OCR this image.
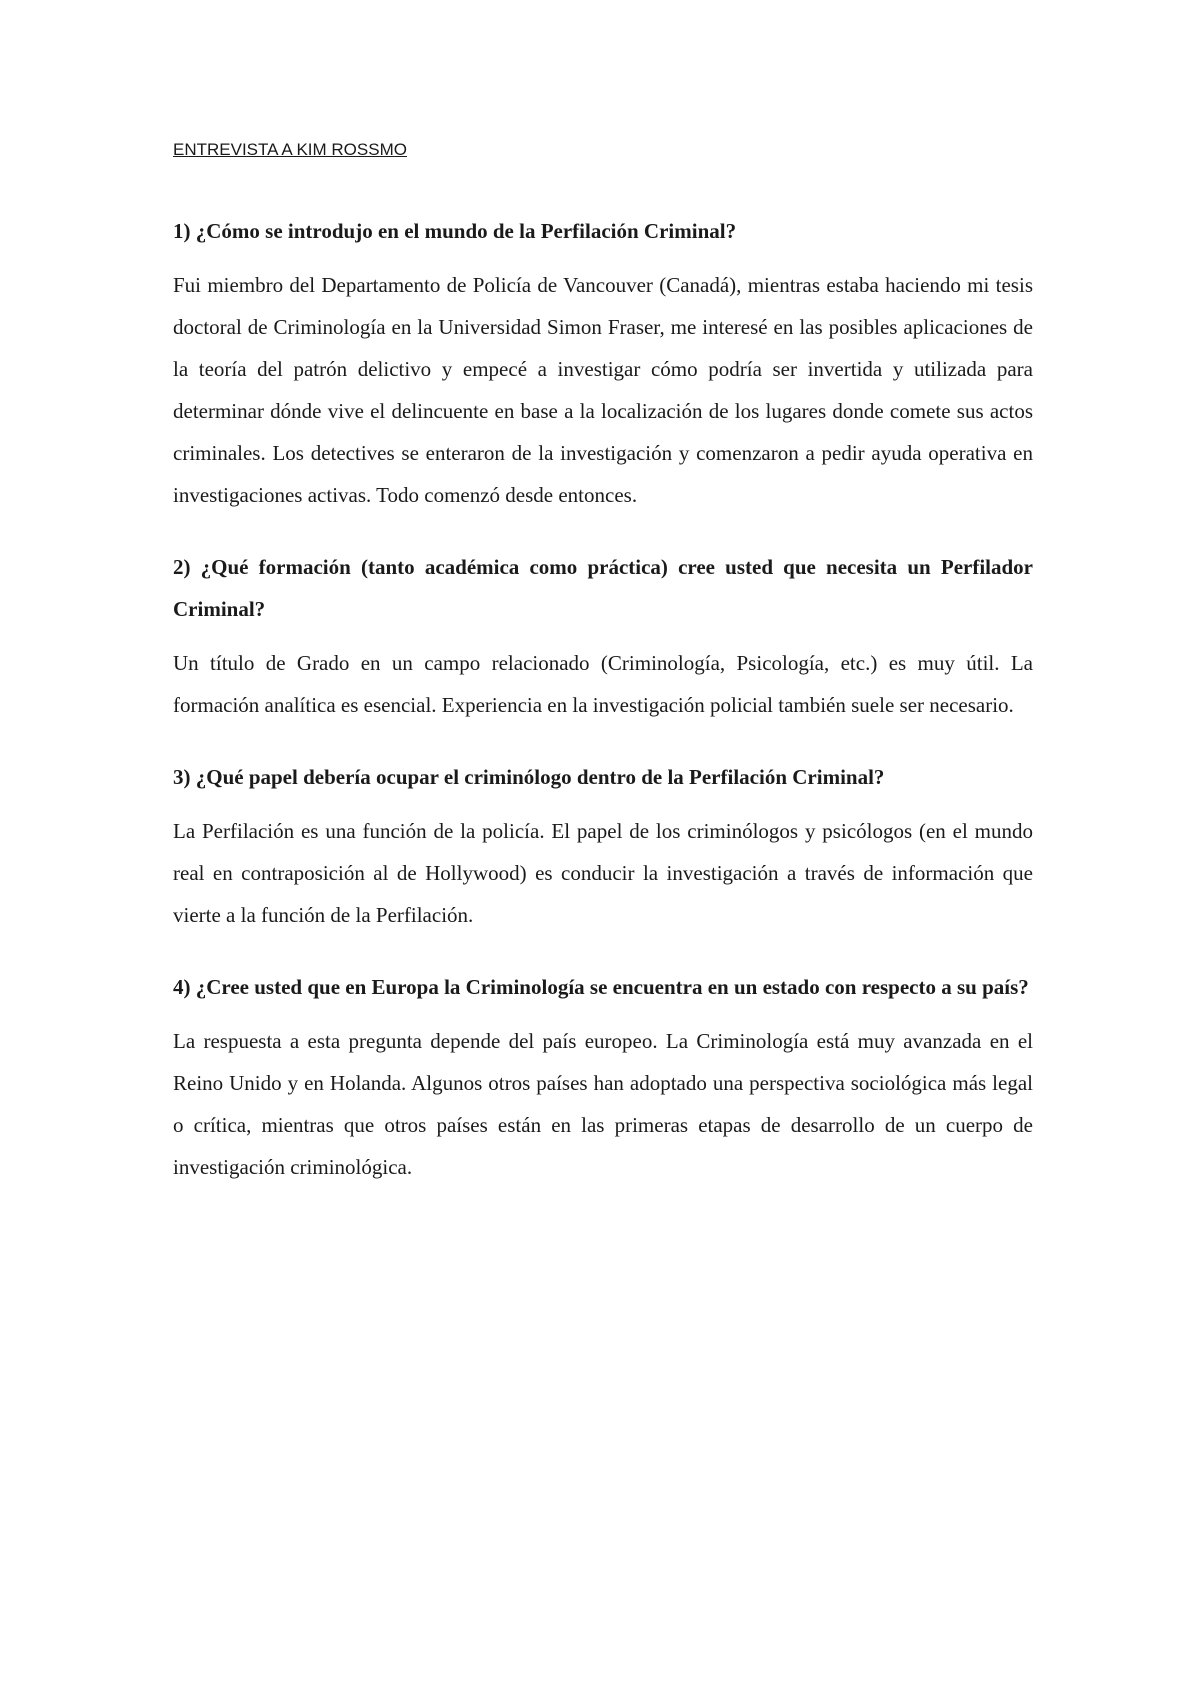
ENTREVISTA A KIM ROSSMO

1) ¿Cómo se introdujo en el mundo de la Perfilación Criminal?

Fui miembro del Departamento de Policía de Vancouver (Canadá), mientras estaba haciendo mi tesis doctoral de Criminología en la Universidad Simon Fraser, me interesé en las posibles aplicaciones de la teoría del patrón delictivo y empecé a investigar cómo podría ser invertida y utilizada para determinar dónde vive el delincuente en base a la localización de los lugares donde comete sus actos criminales. Los detectives se enteraron de la investigación y comenzaron a pedir ayuda operativa en investigaciones activas. Todo comenzó desde entonces.

2) ¿Qué formación (tanto académica como práctica) cree usted que necesita un Perfilador Criminal?

Un título de Grado en un campo relacionado (Criminología, Psicología, etc.) es muy útil. La formación analítica es esencial. Experiencia en la investigación policial también suele ser necesario.

3) ¿Qué papel debería ocupar el criminólogo dentro de la Perfilación Criminal?

La Perfilación es una función de la policía. El papel de los criminólogos y psicólogos (en el mundo real en contraposición al de Hollywood) es conducir la investigación a través de información que vierte a la función de la Perfilación.

4) ¿Cree usted que en Europa la Criminología se encuentra en un estado con respecto a su país?

La respuesta a esta pregunta depende del país europeo. La Criminología está muy avanzada en el Reino Unido y en Holanda. Algunos otros países han adoptado una perspectiva sociológica más legal o crítica, mientras que otros países están en las primeras etapas de desarrollo de un cuerpo de investigación criminológica.
